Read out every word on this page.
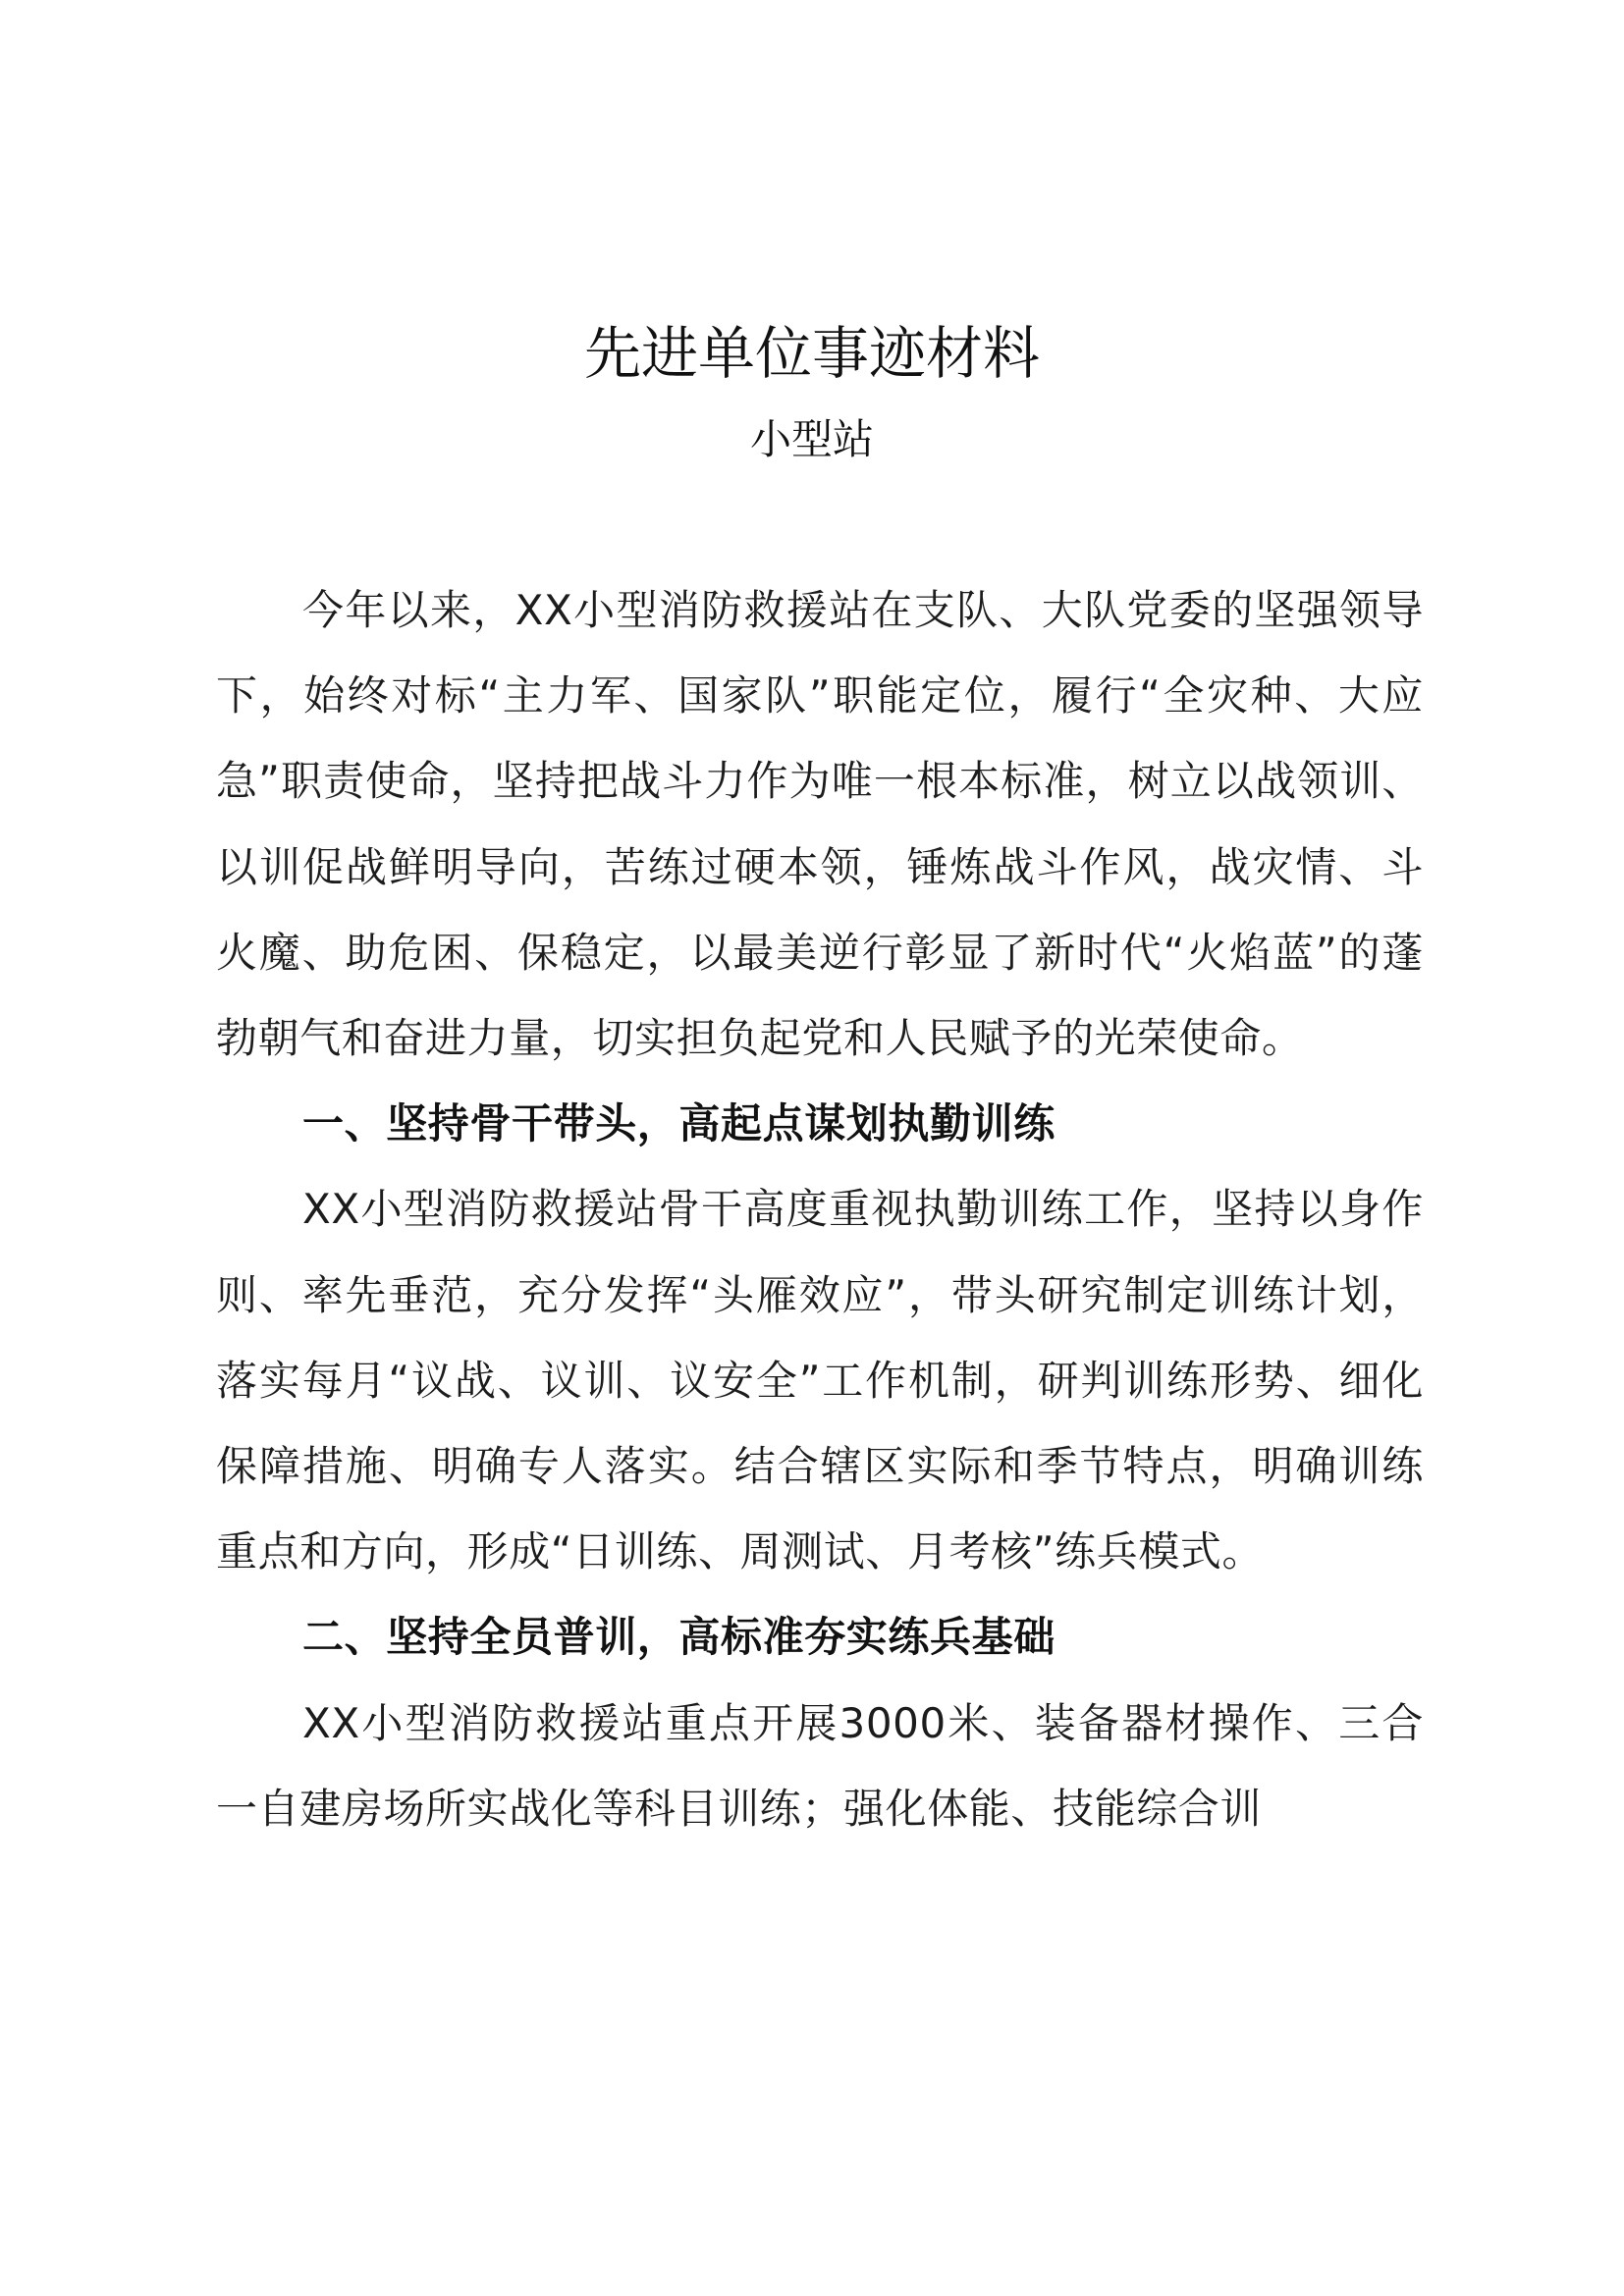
先进单位事迹材料
小型站

今年以来，XX小型消防救援站在支队、大队党委的坚强领导下，始终对标“主力军、国家队”职能定位，履行“全灾种、大应急”职责使命，坚持把战斗力作为唯一根本标准，树立以战领训、以训促战鲜明导向，苦练过硬本领，锤炼战斗作风，战灾情、斗火魔、助危困、保稳定，以最美逆行彰显了新时代“火焰蓝”的蓬勃朝气和奋进力量，切实担负起党和人民赋予的光荣使命。

一、坚持骨干带头，高起点谋划执勤训练

XX小型消防救援站骨干高度重视执勤训练工作，坚持以身作则、率先垂范，充分发挥“头雁效应”，带头研究制定训练计划，落实每月“议战、议训、议安全”工作机制，研判训练形势、细化保障措施、明确专人落实。结合辖区实际和季节特点，明确训练重点和方向，形成“日训练、周测试、月考核”练兵模式。

二、坚持全员普训，高标准夯实练兵基础

XX小型消防救援站重点开展3000米、装备器材操作、三合一自建房场所实战化等科目训练；强化体能、技能综合训
